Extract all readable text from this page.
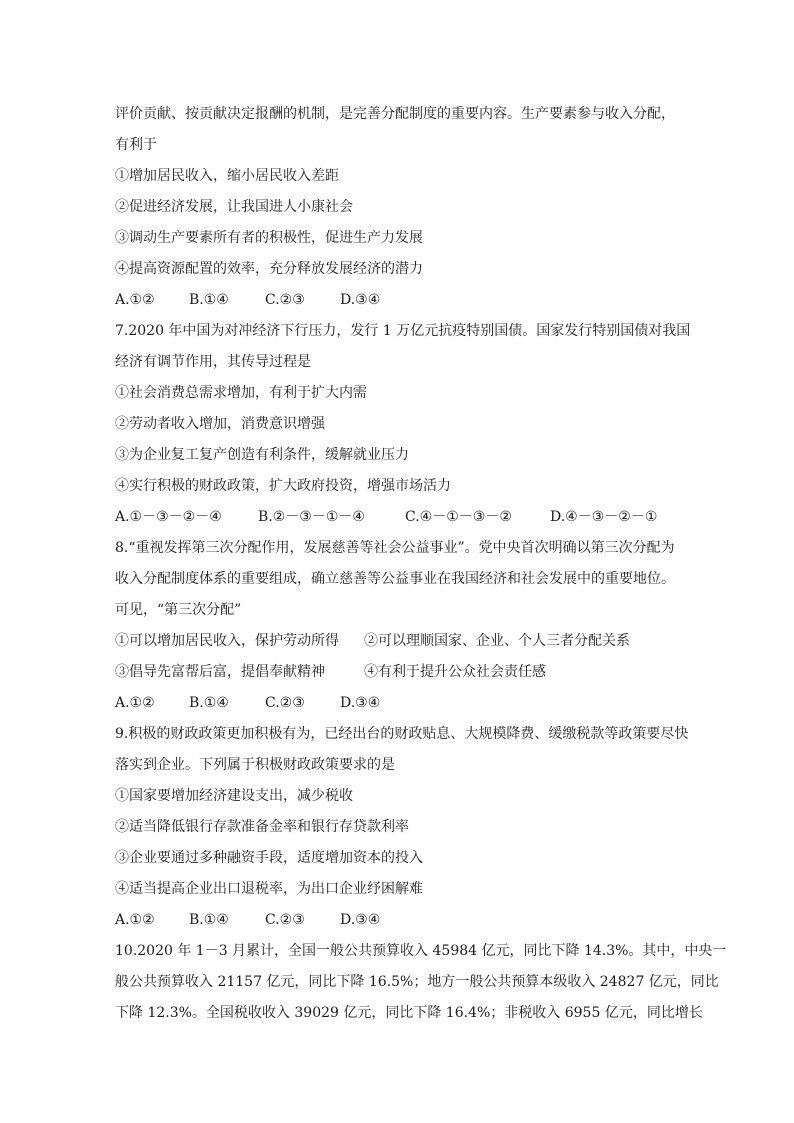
评价贡献、按贡献决定报酬的机制，是完善分配制度的重要内容。生产要素参与收入分配，
有利于
①增加居民收入，缩小居民收入差距
②促进经济发展，让我国进人小康社会
③调动生产要素所有者的积极性，促进生产力发展
④提高资源配置的效率，充分释放发展经济的潜力
A.①② B.①④	C.②③	D.③④
7.2020 年中国为对冲经济下行压力，发行 1 万亿元抗疫特别国债。国家发行特别国债对我国
经济有调节作用，其传导过程是
①社会消费总需求增加，有利于扩大内需
②劳动者收入增加，消费意识增强
③为企业复工复产创造有利条件，缓解就业压力
④实行积极的财政政策，扩大政府投资，增强市场活力
A.①－③－②－④	B.②－③－①－④	C.④－①－③－②	D.④－③－②－①
8.“重视发挥第三次分配作用，发展慈善等社会公益事业”。党中央首次明确以第三次分配为
收入分配制度体系的重要组成，确立慈善等公益事业在我国经济和社会发展中的重要地位。
可见，“第三次分配”
①可以增加居民收入，保护劳动所得 ②可以理顺国家、企业、个人三者分配关系
③倡导先富帮后富，提倡奉献精神	④有利于提升公众社会责任感
A.①② B.①④	C.②③	D.③④
9.积极的财政政策更加积极有为，已经出台的财政贴息、大规模降费、缓缴税款等政策要尽快
落实到企业。下列属于积极财政政策要求的是
①国家要增加经济建设支出，减少税收
②适当降低银行存款准备金率和银行存贷款利率
③企业要通过多种融资手段，适度增加资本的投入
④适当提高企业出口退税率，为出口企业纾困解难
A.①② B.①④	C.②③	D.③④
10.2020 年 1－3 月累计，全国一般公共预算收入 45984 亿元，同比下降 14.3%。其中，中央一
般公共预算收入 21157 亿元，同比下降 16.5%；地方一般公共预算本级收入 24827 亿元，同比
下降 12.3%。全国税收收入 39029 亿元，同比下降 16.4%；非税收入 6955 亿元，同比增长
